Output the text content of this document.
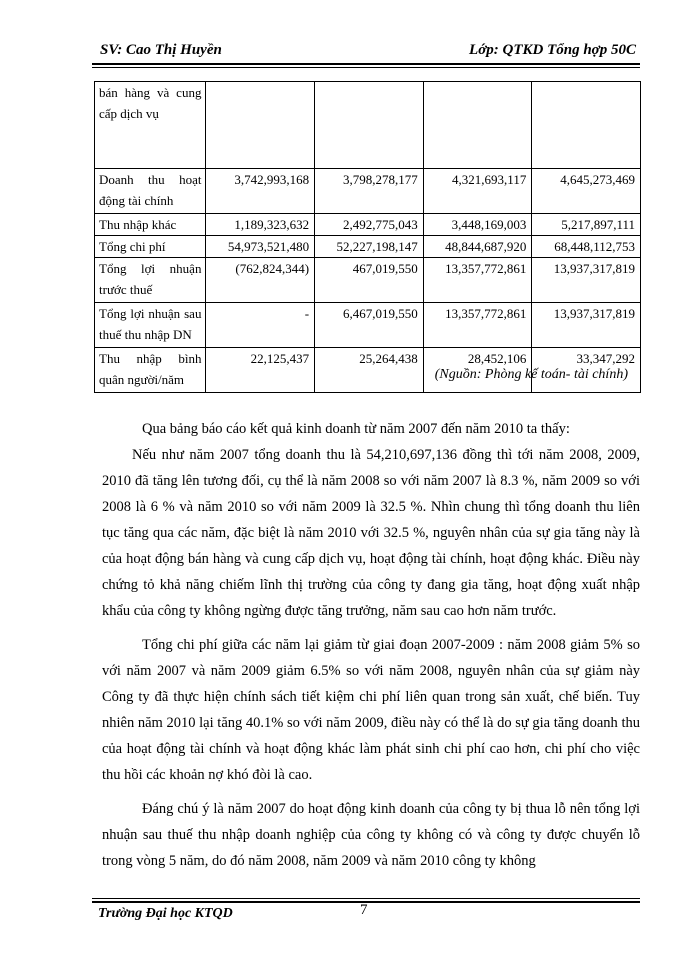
SV: Cao Thị Huyền	Lớp: QTKD Tổng hợp 50C
bán hàng và cung cấp dịch vụ				
Doanh thu hoạt động tài chính	3,742,993,168	3,798,278,177	4,321,693,117	4,645,273,469
Thu nhập khác	1,189,323,632	2,492,775,043	3,448,169,003	5,217,897,111
Tổng chi phí	54,973,521,480	52,227,198,147	48,844,687,920	68,448,112,753
Tổng lợi nhuận trước thuế	(762,824,344)	467,019,550	13,357,772,861	13,937,317,819
Tổng lợi nhuận sau thuế thu nhập DN	-	6,467,019,550	13,357,772,861	13,937,317,819
Thu nhập bình quân người/năm	22,125,437	25,264,438	28,452,106	33,347,292
(Nguồn: Phòng kế toán- tài chính)

Qua bảng báo cáo kết quả kinh doanh từ năm 2007 đến năm 2010 ta thấy:

Nếu như năm 2007 tổng doanh thu là 54,210,697,136 đồng thì tới năm 2008, 2009, 2010 đã tăng lên tương đối, cụ thể là năm 2008 so với năm 2007 là 8.3 %, năm 2009 so với 2008 là 6 % và năm 2010 so với năm 2009 là 32.5 %. Nhìn chung thì tổng doanh thu liên tục tăng qua các năm, đặc biệt là năm 2010 với 32.5 %, nguyên nhân của sự gia tăng này là của hoạt động bán hàng và cung cấp dịch vụ, hoạt động tài chính, hoạt động khác. Điều này chứng tỏ khả năng chiếm lĩnh thị trường của công ty đang gia tăng, hoạt động xuất nhập khẩu của công ty không ngừng được tăng trưởng, năm sau cao hơn năm trước.

Tổng chi phí giữa các năm lại giảm từ giai đoạn 2007-2009 : năm 2008 giảm 5% so với năm 2007 và năm 2009 giảm 6.5% so với năm 2008, nguyên nhân của sự giảm này Công ty đã thực hiện chính sách tiết kiệm chi phí liên quan trong sản xuất, chế biến. Tuy nhiên năm 2010 lại tăng 40.1% so với năm 2009, điều này có thể là do sự gia tăng doanh thu của hoạt động tài chính và hoạt động khác làm phát sinh chi phí cao hơn, chi phí cho việc thu hồi các khoản nợ khó đòi là cao.

Đáng chú ý là năm 2007 do hoạt động kinh doanh của công ty bị thua lỗ nên tổng lợi nhuận sau thuế thu nhập doanh nghiệp của công ty không có và công ty được chuyển lỗ trong vòng 5 năm, do đó năm 2008, năm 2009 và năm 2010 công ty không

Trường Đại học KTQD	7
